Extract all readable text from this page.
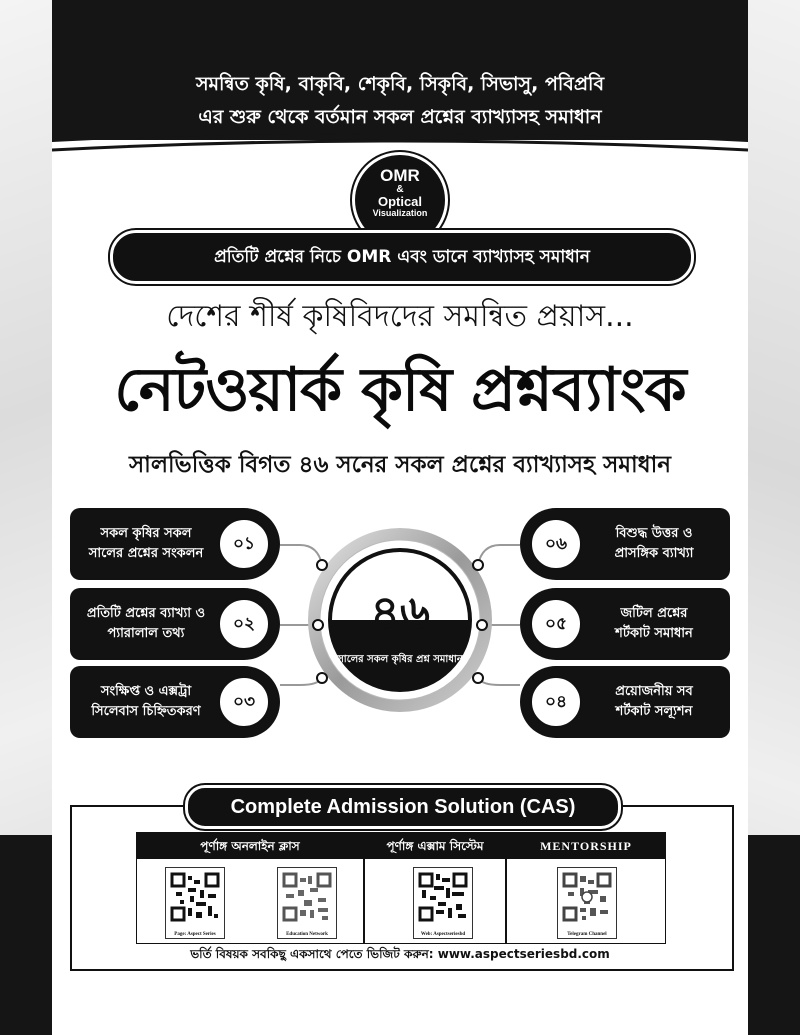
সমন্বিত কৃষি, বাকৃবি, শেকৃবি, সিকৃবি, সিভাসু, পবিপ্রবি
এর শুরু থেকে বর্তমান সকল প্রশ্নের ব্যাখ্যাসহ সমাধান
OMR
&
Optical
Visualization
প্রতিটি প্রশ্নের নিচে OMR এবং ডানে ব্যাখ্যাসহ সমাধান
দেশের শীর্ষ কৃষিবিদদের সমন্বিত প্রয়াস...
নেটওয়ার্ক কৃষি প্রশ্নব্যাংক
সালভিত্তিক বিগত ৪৬ সনের সকল প্রশ্নের ব্যাখ্যাসহ সমাধান
৪৬
সালের সকল কৃষির প্রশ্ন সমাধান
সকল কৃষির সকল
সালের প্রশ্নের সংকলন	০১
প্রতিটি প্রশ্নের ব্যাখ্যা ও
প্যারালাল তথ্য	০২
সংক্ষিপ্ত ও এক্সট্রা
সিলেবাস চিহ্নিতকরণ	০৩
০৬
বিশুদ্ধ উত্তর ও
প্রাসঙ্গিক ব্যাখ্যা
০৫
জটিল প্রশ্নের
শর্টকাট সমাধান
০৪
প্রয়োজনীয় সব
শর্টকাট সল্যূশন
Complete Admission Solution (CAS)
পূর্ণাঙ্গ অনলাইন ক্লাস	পূর্ণাঙ্গ এক্সাম সিস্টেম	MENTORSHIP
Page: Aspect Series	Education Network	Web: Aspectseriesbd	Telegram Channel
ভর্তি বিষয়ক সবকিছু একসাথে পেতে ভিজিট করুন: www.aspectseriesbd.com
